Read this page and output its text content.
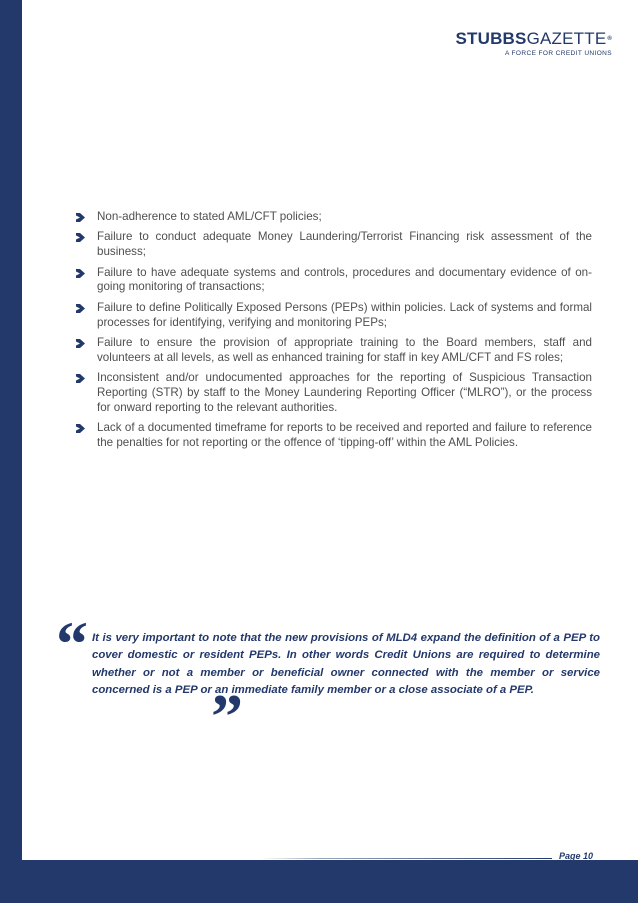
STUBBSGAZETTE®
A FORCE FOR CREDIT UNIONS
Non-adherence to stated AML/CFT policies;
Failure to conduct adequate Money Laundering/Terrorist Financing risk assessment of the business;
Failure to have adequate systems and controls, procedures and documentary evidence of on-going monitoring of transactions;
Failure to define Politically Exposed Persons (PEPs) within policies. Lack of systems and formal processes for identifying, verifying and monitoring PEPs;
Failure to ensure the provision of appropriate training to the Board members, staff and volunteers at all levels, as well as enhanced training for staff in key AML/CFT and FS roles;
Inconsistent and/or undocumented approaches for the reporting of Suspicious Transaction Reporting (STR) by staff to the Money Laundering Reporting Officer (“MLRO”), or the process for onward reporting to the relevant authorities.
Lack of a documented timeframe for reports to be received and reported and failure to reference the penalties for not reporting or the offence of ‘tipping-off’ within the AML Policies.
“ It is very important to note that the new provisions of MLD4 expand the definition of a PEP to cover domestic or resident PEPs. In other words Credit Unions are required to determine whether or not a member or beneficial owner connected with the member or service concerned is a PEP or an immediate family member or a close associate of a PEP.

”
Page 10
